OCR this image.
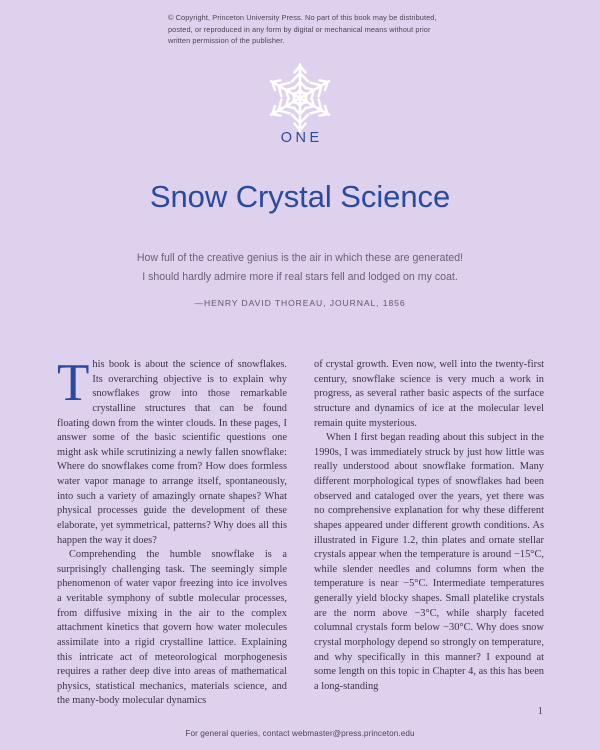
© Copyright, Princeton University Press. No part of this book may be distributed, posted, or reproduced in any form by digital or mechanical means without prior written permission of the publisher.
ONE
Snow Crystal Science
How full of the creative genius is the air in which these are generated!
I should hardly admire more if real stars fell and lodged on my coat.
—HENRY DAVID THOREAU, JOURNAL, 1856

This book is about the science of snowflakes. Its overarching objective is to explain why snowflakes grow into those remarkable crystalline structures that can be found floating down from the winter clouds. In these pages, I answer some of the basic scientific questions one might ask while scrutinizing a newly fallen snowflake: Where do snowflakes come from? How does formless water vapor manage to arrange itself, spontaneously, into such a variety of amazingly ornate shapes? What physical processes guide the development of these elaborate, yet symmetrical, patterns? Why does all this happen the way it does?

Comprehending the humble snowflake is a surprisingly challenging task. The seemingly simple phenomenon of water vapor freezing into ice involves a veritable symphony of subtle molecular processes, from diffusive mixing in the air to the complex attachment kinetics that govern how water molecules assimilate into a rigid crystalline lattice. Explaining this intricate act of meteorological morphogenesis requires a rather deep dive into areas of mathematical physics, statistical mechanics, materials science, and the many-body molecular dynamics

of crystal growth. Even now, well into the twenty-first century, snowflake science is very much a work in progress, as several rather basic aspects of the surface structure and dynamics of ice at the molecular level remain quite mysterious.

When I first began reading about this subject in the 1990s, I was immediately struck by just how little was really understood about snowflake formation. Many different morphological types of snowflakes had been observed and cataloged over the years, yet there was no comprehensive explanation for why these different shapes appeared under different growth conditions. As illustrated in Figure 1.2, thin plates and ornate stellar crystals appear when the temperature is around −15°C, while slender needles and columns form when the temperature is near −5°C. Intermediate temperatures generally yield blocky shapes. Small platelike crystals are the norm above −3°C, while sharply faceted columnal crystals form below −30°C. Why does snow crystal morphology depend so strongly on temperature, and why specifically in this manner? I expound at some length on this topic in Chapter 4, as this has been a long-standing

1
For general queries, contact webmaster@press.princeton.edu
